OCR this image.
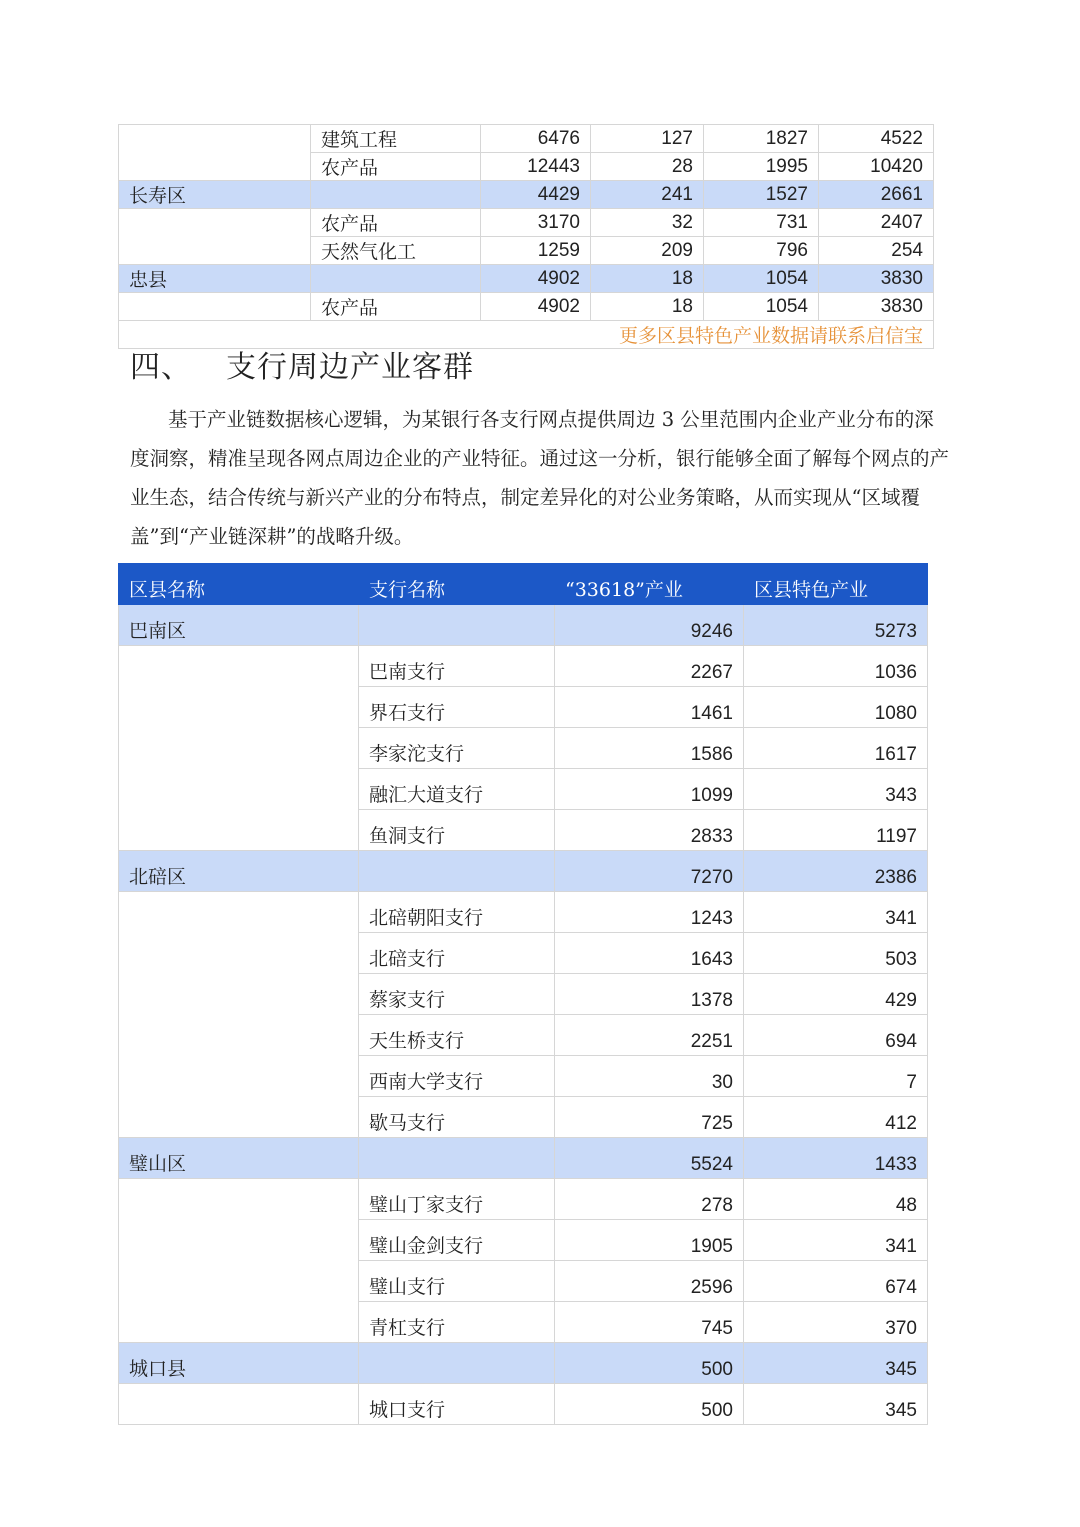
	建筑工程	6476	127	1827	4522
	农产品	12443	28	1995	10420
长寿区		4429	241	1527	2661
	农产品	3170	32	731	2407
	天然气化工	1259	209	796	254
忠县		4902	18	1054	3830
	农产品	4902	18	1054	3830
更多区县特色产业数据请联系启信宝					
四、 支行周边产业客群
基于产业链数据核心逻辑，为某银行各支行网点提供周边 3 公里范围内企业产业分布的深度洞察，精准呈现各网点周边企业的产业特征。通过这一分析，银行能够全面了解每个网点的产业生态，结合传统与新兴产业的分布特点，制定差异化的对公业务策略，从而实现从“区域覆盖”到“产业链深耕”的战略升级。
区县名称	支行名称	“33618”产业	区县特色产业
巴南区		9246	5273
	巴南支行	2267	1036
	界石支行	1461	1080
	李家沱支行	1586	1617
	融汇大道支行	1099	343
	鱼洞支行	2833	1197
北碚区		7270	2386
	北碚朝阳支行	1243	341
	北碚支行	1643	503
	蔡家支行	1378	429
	天生桥支行	2251	694
	西南大学支行	30	7
	歇马支行	725	412
璧山区		5524	1433
	璧山丁家支行	278	48
	璧山金剑支行	1905	341
	璧山支行	2596	674
	青杠支行	745	370
城口县		500	345
	城口支行	500	345
